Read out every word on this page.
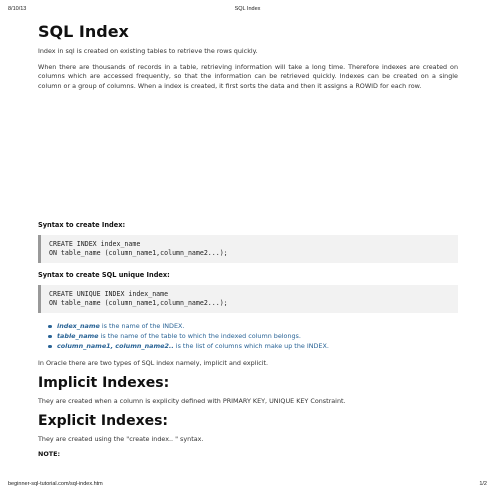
8/10/13	SQL Index
SQL Index

Index in sql is created on existing tables to retrieve the rows quickly.

When there are thousands of records in a table, retrieving information will take a long time. Therefore indexes are created on columns which are accessed frequently, so that the information can be retrieved quickly. Indexes can be created on a single column or a group of columns. When a index is created, it first sorts the data and then it assigns a ROWID for each row.

Syntax to create Index:
CREATE INDEX index_name
ON table_name (column_name1,column_name2...);
Syntax to create SQL unique Index:
CREATE UNIQUE INDEX index_name
ON table_name (column_name1,column_name2...);
index_name is the name of the INDEX.
table_name is the name of the table to which the indexed column belongs.
column_name1, column_name2.. is the list of columns which make up the INDEX.

In Oracle there are two types of SQL index namely, implicit and explicit.

Implicit Indexes:

They are created when a column is explicity defined with PRIMARY KEY, UNIQUE KEY Constraint.

Explicit Indexes:

They are created using the "create index.. " syntax.

NOTE:
beginner-sql-tutorial.com/sql-index.htm	1/2
